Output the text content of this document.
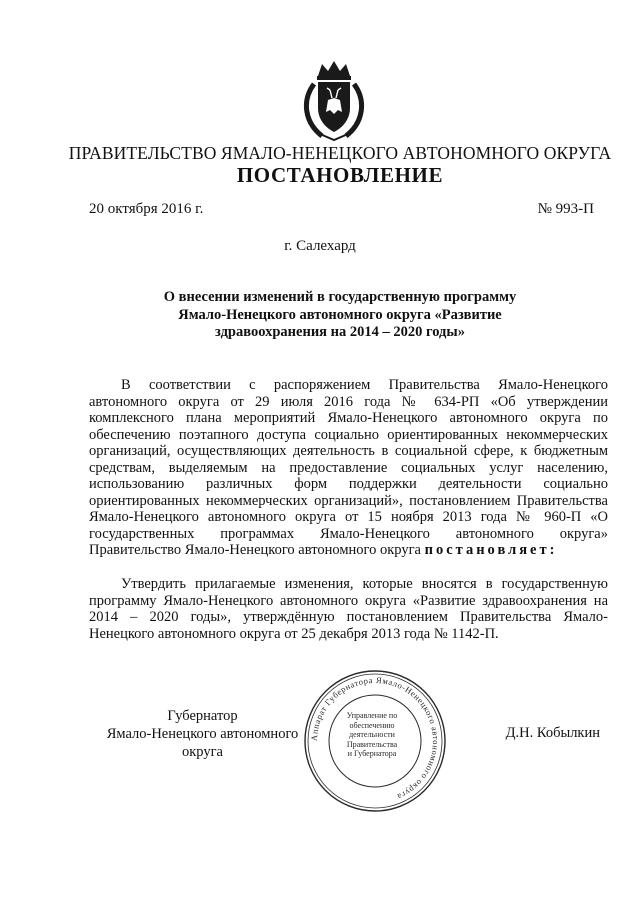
ПРАВИТЕЛЬСТВО ЯМАЛО-НЕНЕЦКОГО АВТОНОМНОГО ОКРУГА
ПОСТАНОВЛЕНИЕ
20 октября 2016 г.	№ 993-П
г. Салехард
О внесении изменений в государственную программу
Ямало-Ненецкого автономного округа «Развитие
здравоохранения на 2014 – 2020 годы»
В соответствии с распоряжением Правительства Ямало-Ненецкого автономного округа от 29 июля 2016 года № 634-РП «Об утверждении комплексного плана мероприятий Ямало-Ненецкого автономного округа по обеспечению поэтапного доступа социально ориентированных некоммерческих организаций, осуществляющих деятельность в социальной сфере, к бюджетным средствам, выделяемым на предоставление социальных услуг населению, использованию различных форм поддержки деятельности социально ориентированных некоммерческих организаций», постановлением Правительства Ямало-Ненецкого автономного округа от 15 ноября 2013 года № 960-П «О государственных программах Ямало-Ненецкого автономного округа» Правительство Ямало-Ненецкого автономного округа постановляет:
Утвердить прилагаемые изменения, которые вносятся в государственную программу Ямало-Ненецкого автономного округа «Развитие здравоохранения на 2014 – 2020 годы», утверждённую постановлением Правительства Ямало-Ненецкого автономного округа от 25 декабря 2013 года № 1142-П.
Губернатор
Ямало-Ненецкого автономного округа
Аппарат Губернатора Ямало-Ненецкого автономного округа
Управление по
обеспечению
деятельности
Правительства
и Губернатора
Д.Н. Кобылкин
